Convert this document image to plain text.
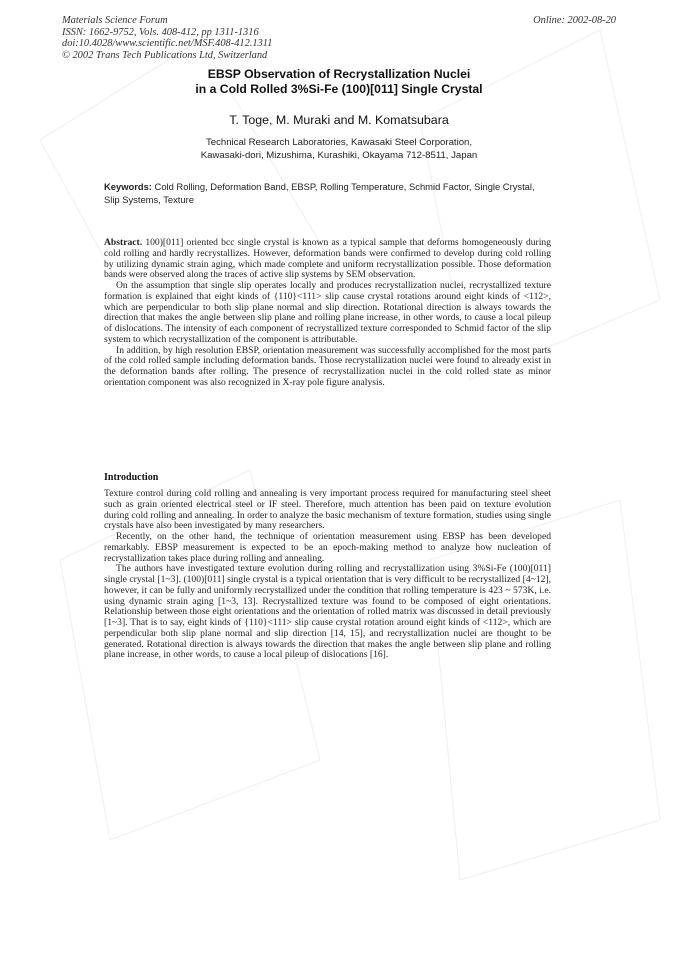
Materials Science Forum
ISSN: 1662-9752, Vols. 408-412, pp 1311-1316
doi:10.4028/www.scientific.net/MSF.408-412.1311
© 2002 Trans Tech Publications Ltd, Switzerland
Online: 2002-08-20
EBSP Observation of Recrystallization Nuclei
in a Cold Rolled 3%Si-Fe (100)[011] Single Crystal
T. Toge, M. Muraki and M. Komatsubara
Technical Research Laboratories, Kawasaki Steel Corporation,
Kawasaki-dori, Mizushima, Kurashiki, Okayama 712-8511, Japan
Keywords: Cold Rolling, Deformation Band, EBSP, Rolling Temperature, Schmid Factor, Single Crystal, Slip Systems, Texture

Abstract. 100)[011] oriented bcc single crystal is known as a typical sample that deforms homogeneously during cold rolling and hardly recrystallizes. However, deformation bands were confirmed to develop during cold rolling by utilizing dynamic strain aging, which made complete and uniform recrystallization possible. Those deformation bands were observed along the traces of active slip systems by SEM observation.

On the assumption that single slip operates locally and produces recrystallization nuclei, recrystallized texture formation is explained that eight kinds of {110}<111> slip cause crystal rotations around eight kinds of <112>, which are perpendicular to both slip plane normal and slip direction. Rotational direction is always towards the direction that makes the angle between slip plane and rolling plane increase, in other words, to cause a local pileup of dislocations. The intensity of each component of recrystallized texture corresponded to Schmid factor of the slip system to which recrystallization of the component is attributable.

In addition, by high resolution EBSP, orientation measurement was successfully accomplished for the most parts of the cold rolled sample including deformation bands. Those recrystallization nuclei were found to already exist in the deformation bands after rolling. The presence of recrystallization nuclei in the cold rolled state as minor orientation component was also recognized in X-ray pole figure analysis.

Introduction

Texture control during cold rolling and annealing is very important process required for manufacturing steel sheet such as grain oriented electrical steel or IF steel. Therefore, much attention has been paid on texture evolution during cold rolling and annealing. In order to analyze the basic mechanism of texture formation, studies using single crystals have also been investigated by many researchers.

Recently, on the other hand, the technique of orientation measurement using EBSP has been developed remarkably. EBSP measurement is expected to be an epoch-making method to analyze how nucleation of recrystallization takes place during rolling and annealing.

The authors have investigated texture evolution during rolling and recrystallization using 3%Si-Fe (100)[011] single crystal [1~3]. (100)[011] single crystal is a typical orientation that is very difficult to be recrystallized [4~12], however, it can be fully and uniformly recrystallized under the condition that rolling temperature is 423 ~ 573K, i.e. using dynamic strain aging [1~3, 13]. Recrystallized texture was found to be composed of eight orientations. Relationship between those eight orientations and the orientation of rolled matrix was discussed in detail previously [1~3]. That is to say, eight kinds of {110}<111> slip cause crystal rotation around eight kinds of <112>, which are perpendicular both slip plane normal and slip direction [14, 15], and recrystallization nuclei are thought to be generated. Rotational direction is always towards the direction that makes the angle between slip plane and rolling plane increase, in other words, to cause a local pileup of dislocations [16].
